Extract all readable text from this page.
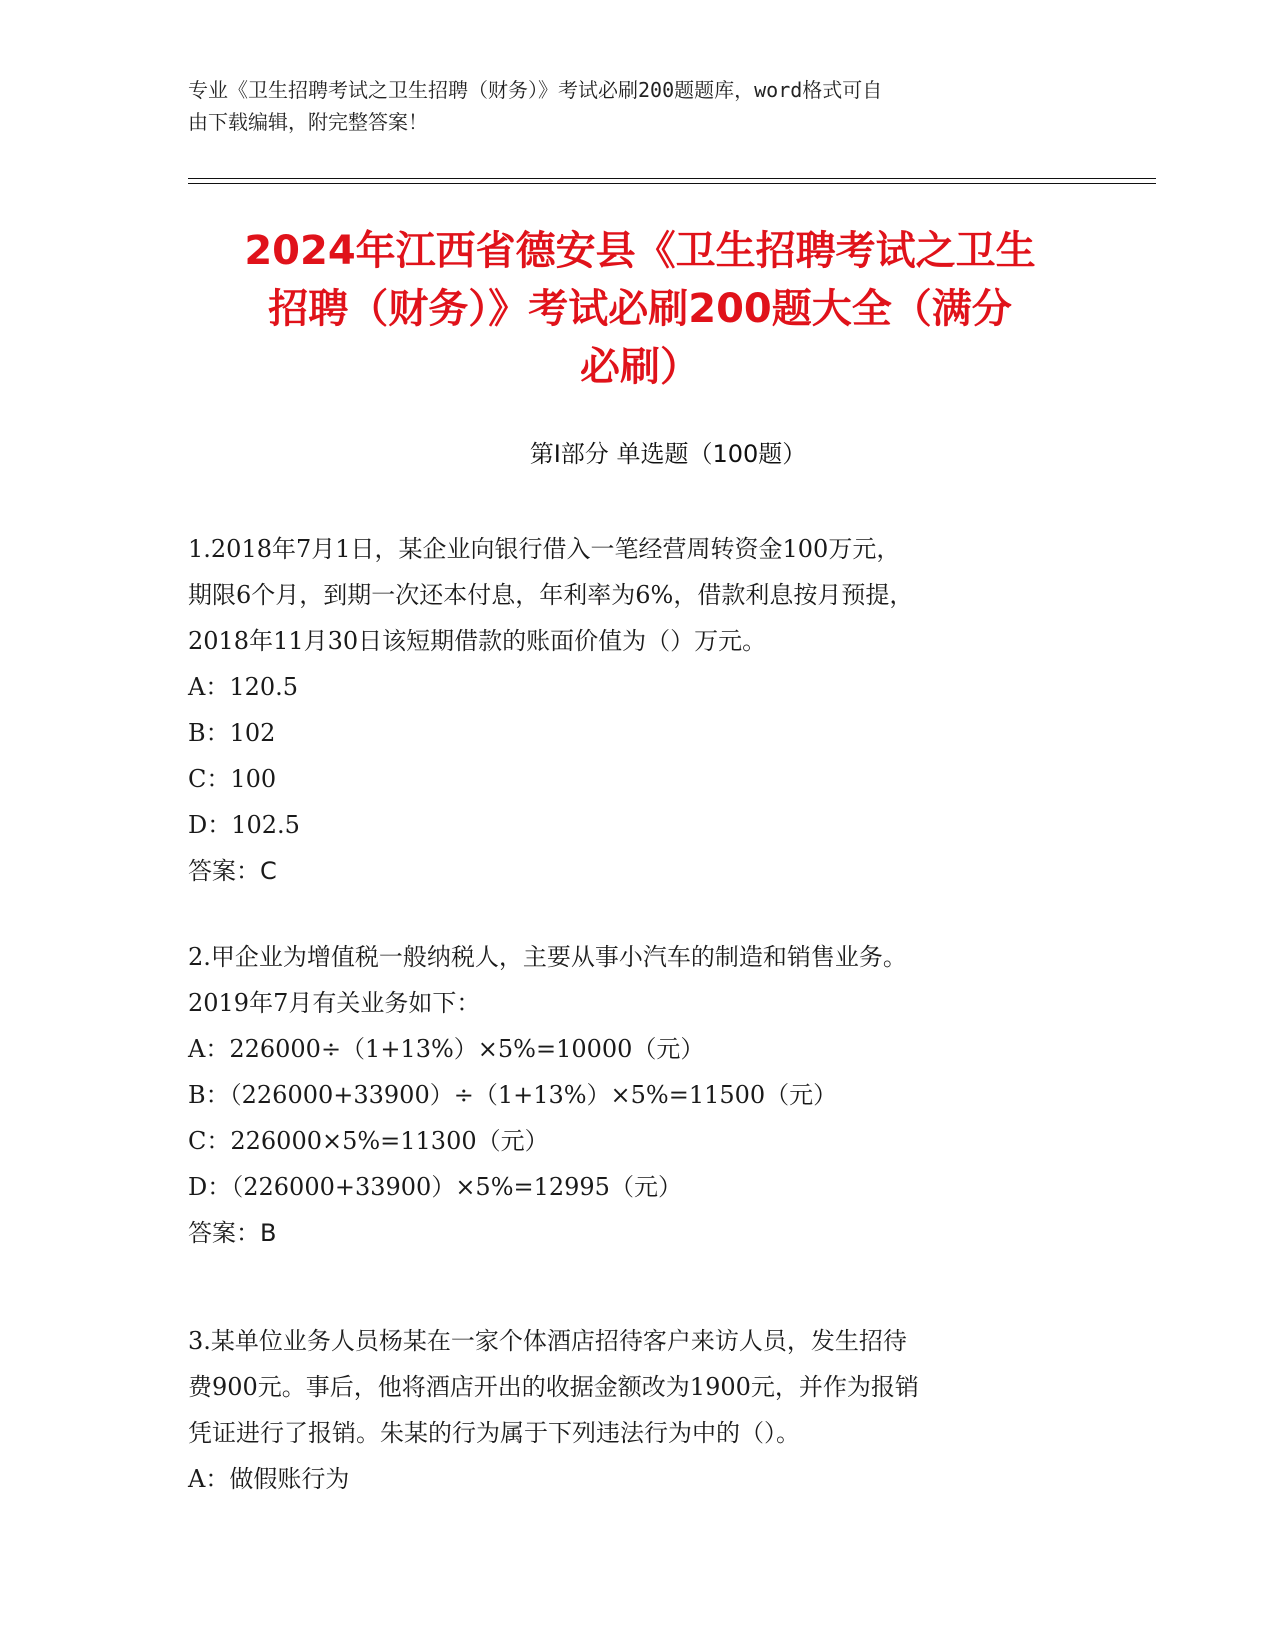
专业《卫生招聘考试之卫生招聘（财务）》考试必刷200题题库，word格式可自
由下载编辑，附完整答案！
2024年江西省德安县《卫生招聘考试之卫生
招聘（财务）》考试必刷200题大全（满分
必刷）
第Ⅰ部分 单选题（100题）
1.2018年7月1日，某企业向银行借入一笔经营周转资金100万元，
期限6个月，到期一次还本付息，年利率为6%，借款利息按月预提，
2018年11月30日该短期借款的账面价值为（）万元。
A：120.5
B：102
C：100
D：102.5
答案：C
2.甲企业为增值税一般纳税人，主要从事小汽车的制造和销售业务。
2019年7月有关业务如下：
A：226000÷（1+13%）×5%=10000（元）
B：（226000+33900）÷（1+13%）×5%=11500（元）
C：226000×5%=11300（元）
D：（226000+33900）×5%=12995（元）
答案：B
3.某单位业务人员杨某在一家个体酒店招待客户来访人员，发生招待
费900元。事后，他将酒店开出的收据金额改为1900元，并作为报销
凭证进行了报销。朱某的行为属于下列违法行为中的（）。
A：做假账行为
